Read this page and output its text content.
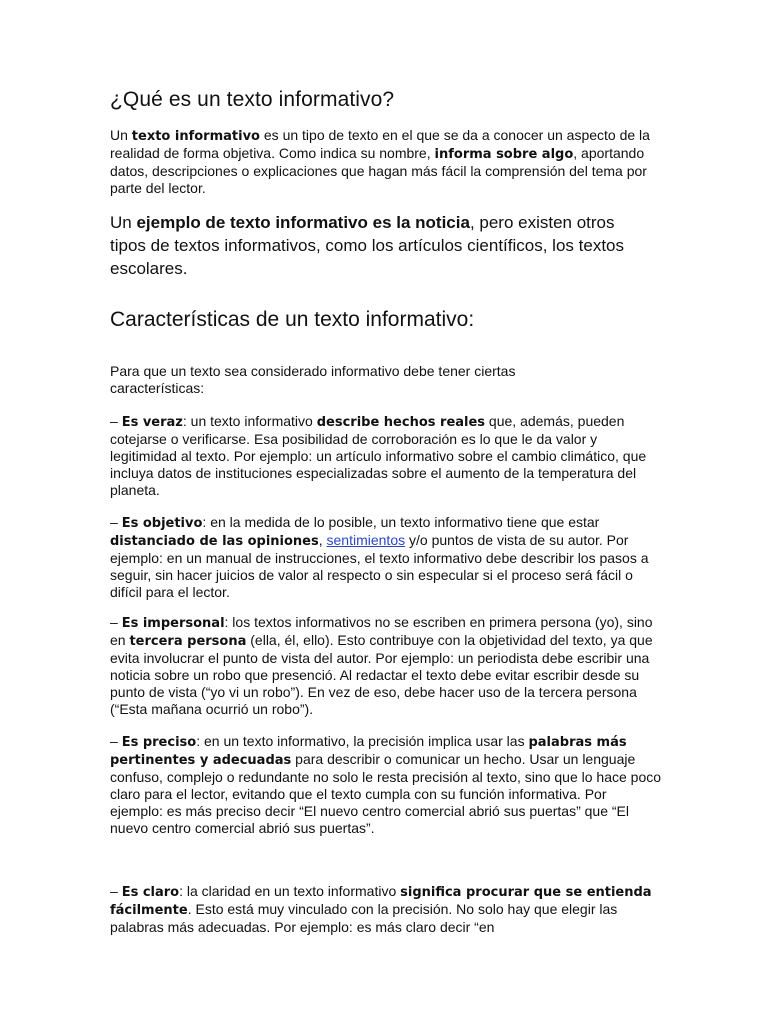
¿Qué es un texto informativo?

Un texto informativo es un tipo de texto en el que se da a conocer un aspecto de la realidad de forma objetiva. Como indica su nombre, informa sobre algo, aportando datos, descripciones o explicaciones que hagan más fácil la comprensión del tema por parte del lector.

Un ejemplo de texto informativo es la noticia, pero existen otros tipos de textos informativos, como los artículos científicos, los textos escolares.

Características de un texto informativo:

Para que un texto sea considerado informativo debe tener ciertas características:

– Es veraz: un texto informativo describe hechos reales que, además, pueden cotejarse o verificarse. Esa posibilidad de corroboración es lo que le da valor y legitimidad al texto. Por ejemplo: un artículo informativo sobre el cambio climático, que incluya datos de instituciones especializadas sobre el aumento de la temperatura del planeta.

– Es objetivo: en la medida de lo posible, un texto informativo tiene que estar distanciado de las opiniones, sentimientos y/o puntos de vista de su autor. Por ejemplo: en un manual de instrucciones, el texto informativo debe describir los pasos a seguir, sin hacer juicios de valor al respecto o sin especular si el proceso será fácil o difícil para el lector.

– Es impersonal: los textos informativos no se escriben en primera persona (yo), sino en tercera persona (ella, él, ello). Esto contribuye con la objetividad del texto, ya que evita involucrar el punto de vista del autor. Por ejemplo: un periodista debe escribir una noticia sobre un robo que presenció. Al redactar el texto debe evitar escribir desde su punto de vista (“yo vi un robo”). En vez de eso, debe hacer uso de la tercera persona (“Esta mañana ocurrió un robo”).

– Es preciso: en un texto informativo, la precisión implica usar las palabras más pertinentes y adecuadas para describir o comunicar un hecho. Usar un lenguaje confuso, complejo o redundante no solo le resta precisión al texto, sino que lo hace poco claro para el lector, evitando que el texto cumpla con su función informativa. Por ejemplo: es más preciso decir “El nuevo centro comercial abrió sus puertas” que “El nuevo centro comercial abrió sus puertas”.

– Es claro: la claridad en un texto informativo significa procurar que se entienda fácilmente. Esto está muy vinculado con la precisión. No solo hay que elegir las palabras más adecuadas. Por ejemplo: es más claro decir “en
